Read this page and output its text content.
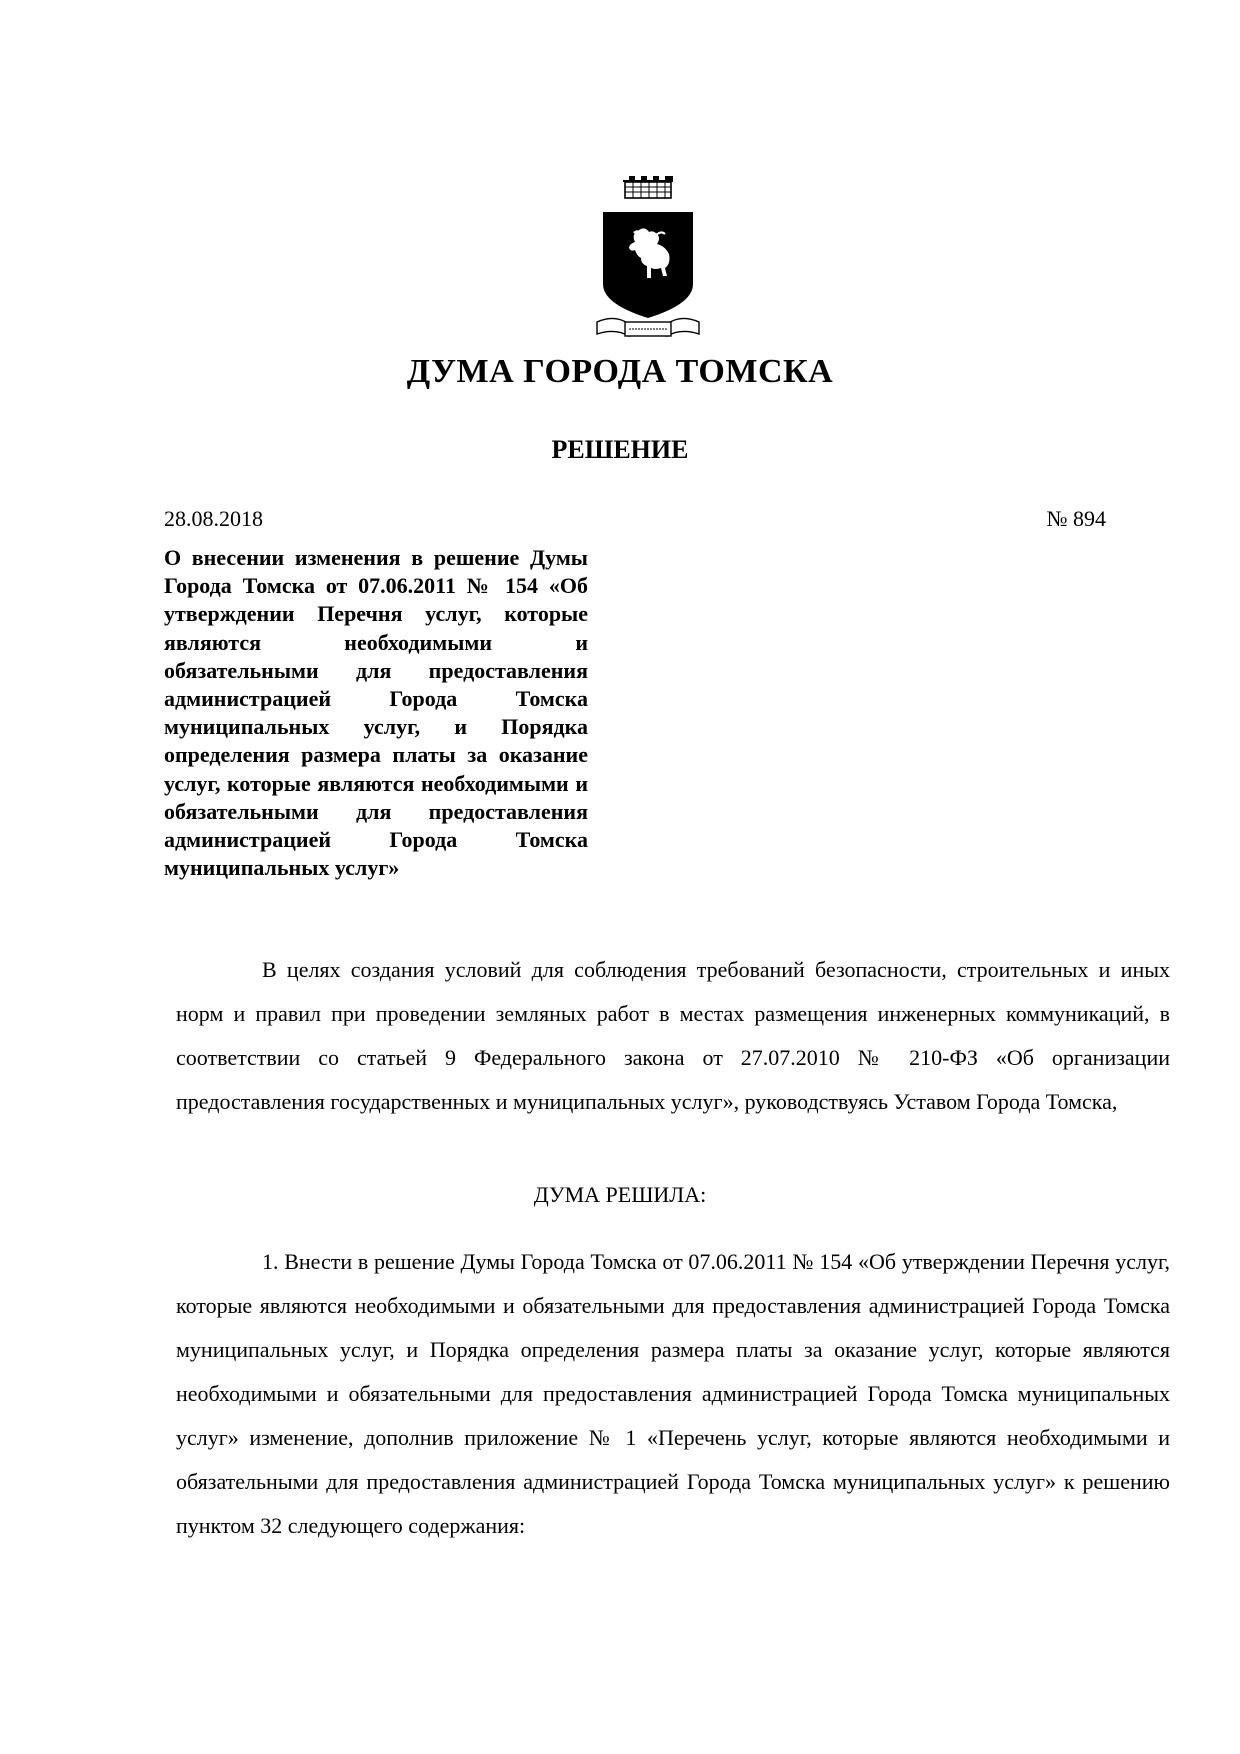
ДУМА ГОРОДА ТОМСКА
РЕШЕНИЕ
28.08.2018	№ 894
О внесении изменения в решение Думы Города Томска от 07.06.2011 № 154 «Об утверждении Перечня услуг, которые являются необходимыми и обязательными для предоставления администрацией Города Томска муниципальных услуг, и Порядка определения размера платы за оказание услуг, которые являются необходимыми и обязательными для предоставления администрацией Города Томска муниципальных услуг»

В целях создания условий для соблюдения требований безопасности, строительных и иных норм и правил при проведении земляных работ в местах размещения инженерных коммуникаций, в соответствии со статьей 9 Федерального закона от 27.07.2010 № 210-ФЗ «Об организации предоставления государственных и муниципальных услуг», руководствуясь Уставом Города Томска,

ДУМА РЕШИЛА:

1. Внести в решение Думы Города Томска от 07.06.2011 № 154 «Об утверждении Перечня услуг, которые являются необходимыми и обязательными для предоставления администрацией Города Томска муниципальных услуг, и Порядка определения размера платы за оказание услуг, которые являются необходимыми и обязательными для предоставления администрацией Города Томска муниципальных услуг» изменение, дополнив приложение № 1 «Перечень услуг, которые являются необходимыми и обязательными для предоставления администрацией Города Томска муниципальных услуг» к решению пунктом 32 следующего содержания:
